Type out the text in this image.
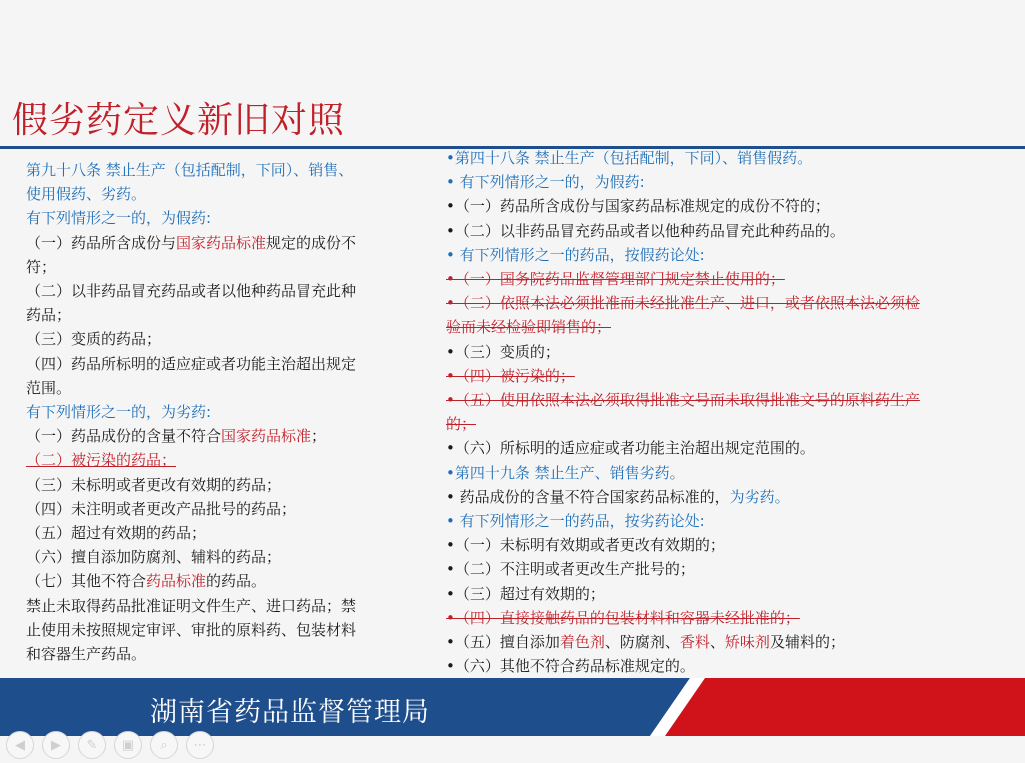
假劣药定义新旧对照
第九十八条 禁止生产（包括配制，下同）、销售、
使用假药、劣药。
有下列情形之一的，为假药:
（一）药品所含成份与国家药品标准规定的成份不
符；
（二）以非药品冒充药品或者以他种药品冒充此种
药品；
（三）变质的药品；
（四）药品所标明的适应症或者功能主治超出规定
范围。
有下列情形之一的，为劣药:
（一）药品成份的含量不符合国家药品标准；
（二）被污染的药品；
（三）未标明或者更改有效期的药品；
（四）未注明或者更改产品批号的药品；
（五）超过有效期的药品；
（六）擅自添加防腐剂、辅料的药品；
（七）其他不符合药品标准的药品。
禁止未取得药品批准证明文件生产、进口药品；禁
止使用未按照规定审评、审批的原料药、包装材料
和容器生产药品。
•第四十八条 禁止生产（包括配制，下同）、销售假药。
• 有下列情形之一的，为假药:
•（一）药品所含成份与国家药品标准规定的成份不符的；
•（二）以非药品冒充药品或者以他种药品冒充此种药品的。
• 有下列情形之一的药品，按假药论处:
•（一）国务院药品监督管理部门规定禁止使用的；
•（二）依照本法必须批准而未经批准生产、进口，或者依照本法必须检
验而未经检验即销售的；
•（三）变质的；
•（四）被污染的；
•（五）使用依照本法必须取得批准文号而未取得批准文号的原料药生产
的；
•（六）所标明的适应症或者功能主治超出规定范围的。
•第四十九条 禁止生产、销售劣药。
• 药品成份的含量不符合国家药品标准的，为劣药。
• 有下列情形之一的药品，按劣药论处:
•（一）未标明有效期或者更改有效期的；
•（二）不注明或者更改生产批号的；
•（三）超过有效期的；
•（四）直接接触药品的包装材料和容器未经批准的；
•（五）擅自添加着色剂、防腐剂、香料、矫味剂及辅料的；
•（六）其他不符合药品标准规定的。
湖南省药品监督管理局
◀	▶	✎	▣	⌕	⋯
